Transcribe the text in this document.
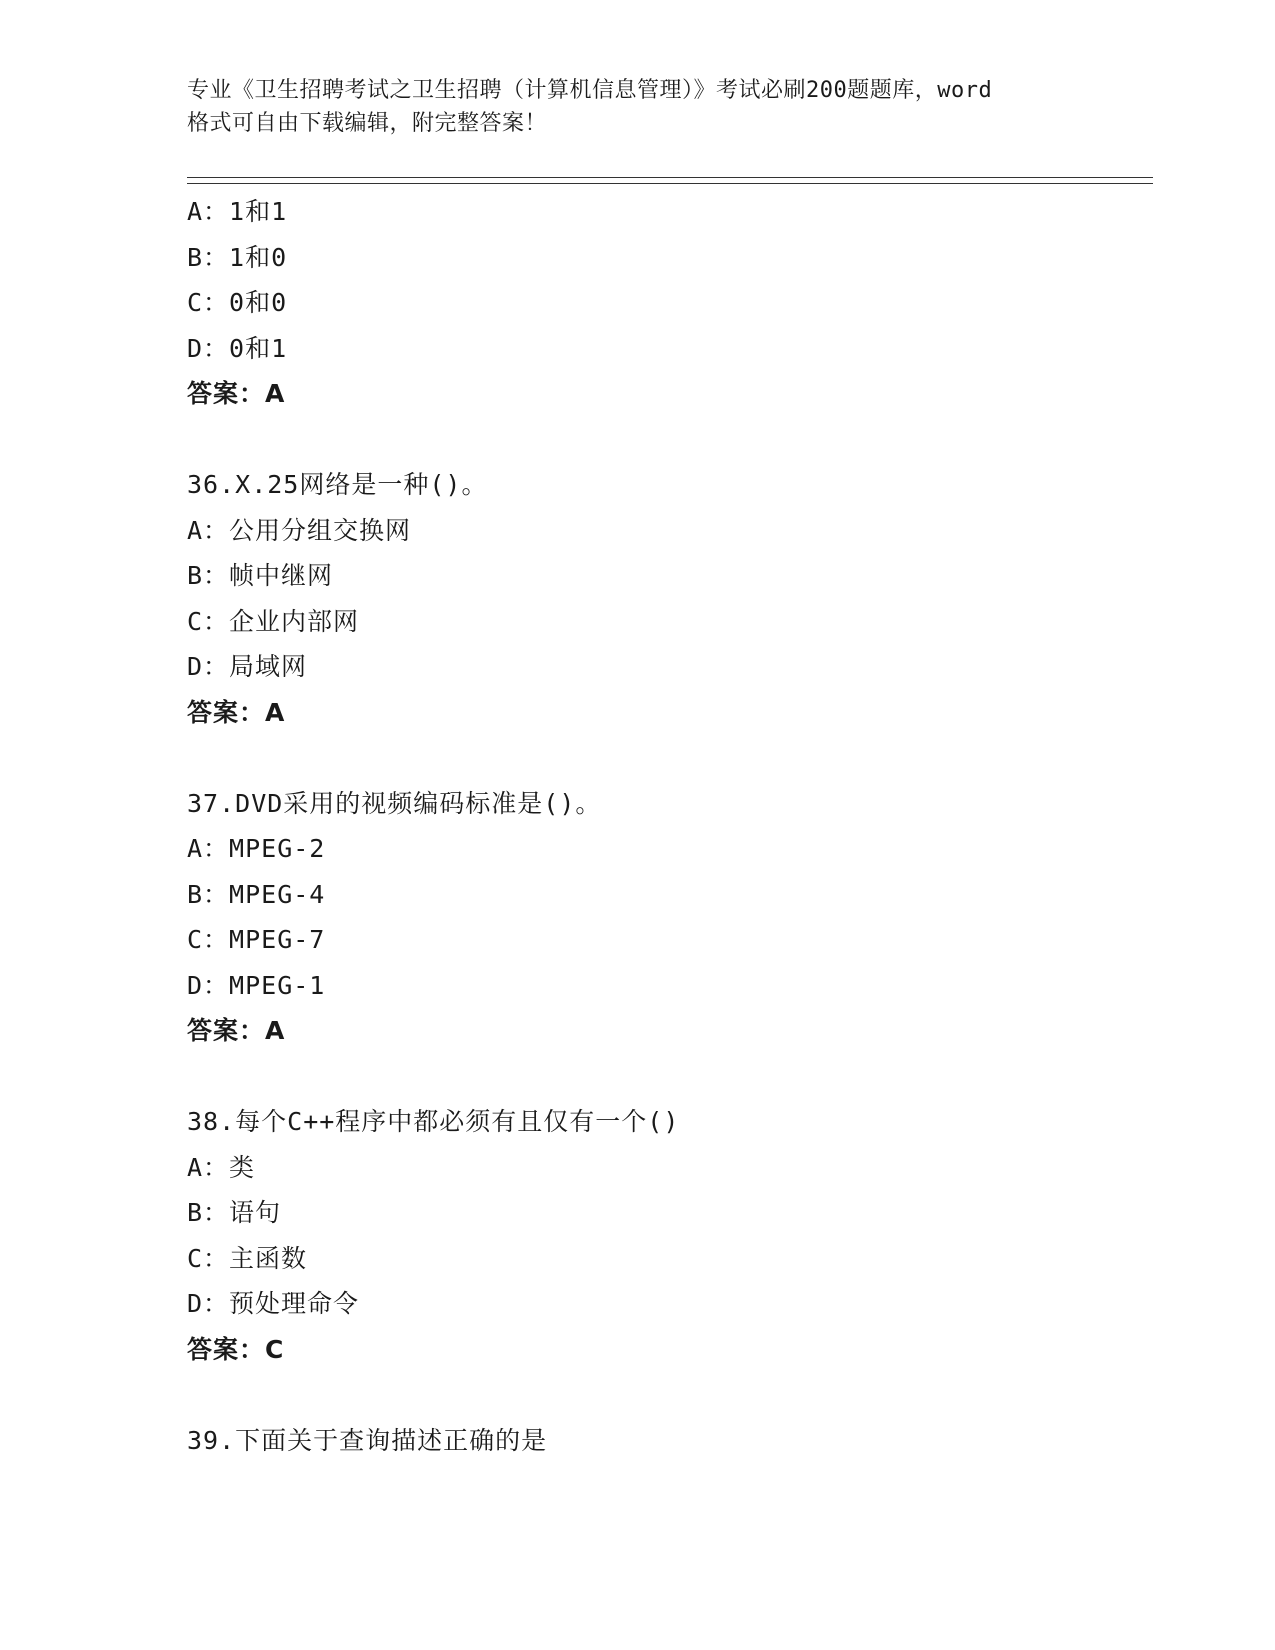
专业《卫生招聘考试之卫生招聘（计算机信息管理）》考试必刷200题题库，word

格式可自由下载编辑，附完整答案！

A：1和1
B：1和0
C：0和0
D：0和1
答案：A
36.X.25网络是一种()。
A：公用分组交换网
B：帧中继网
C：企业内部网
D：局域网
答案：A
37.DVD采用的视频编码标准是()。
A：MPEG-2
B：MPEG-4
C：MPEG-7
D：MPEG-1
答案：A
38.每个C++程序中都必须有且仅有一个()
A：类
B：语句
C：主函数
D：预处理命令
答案：C
39.下面关于查询描述正确的是
